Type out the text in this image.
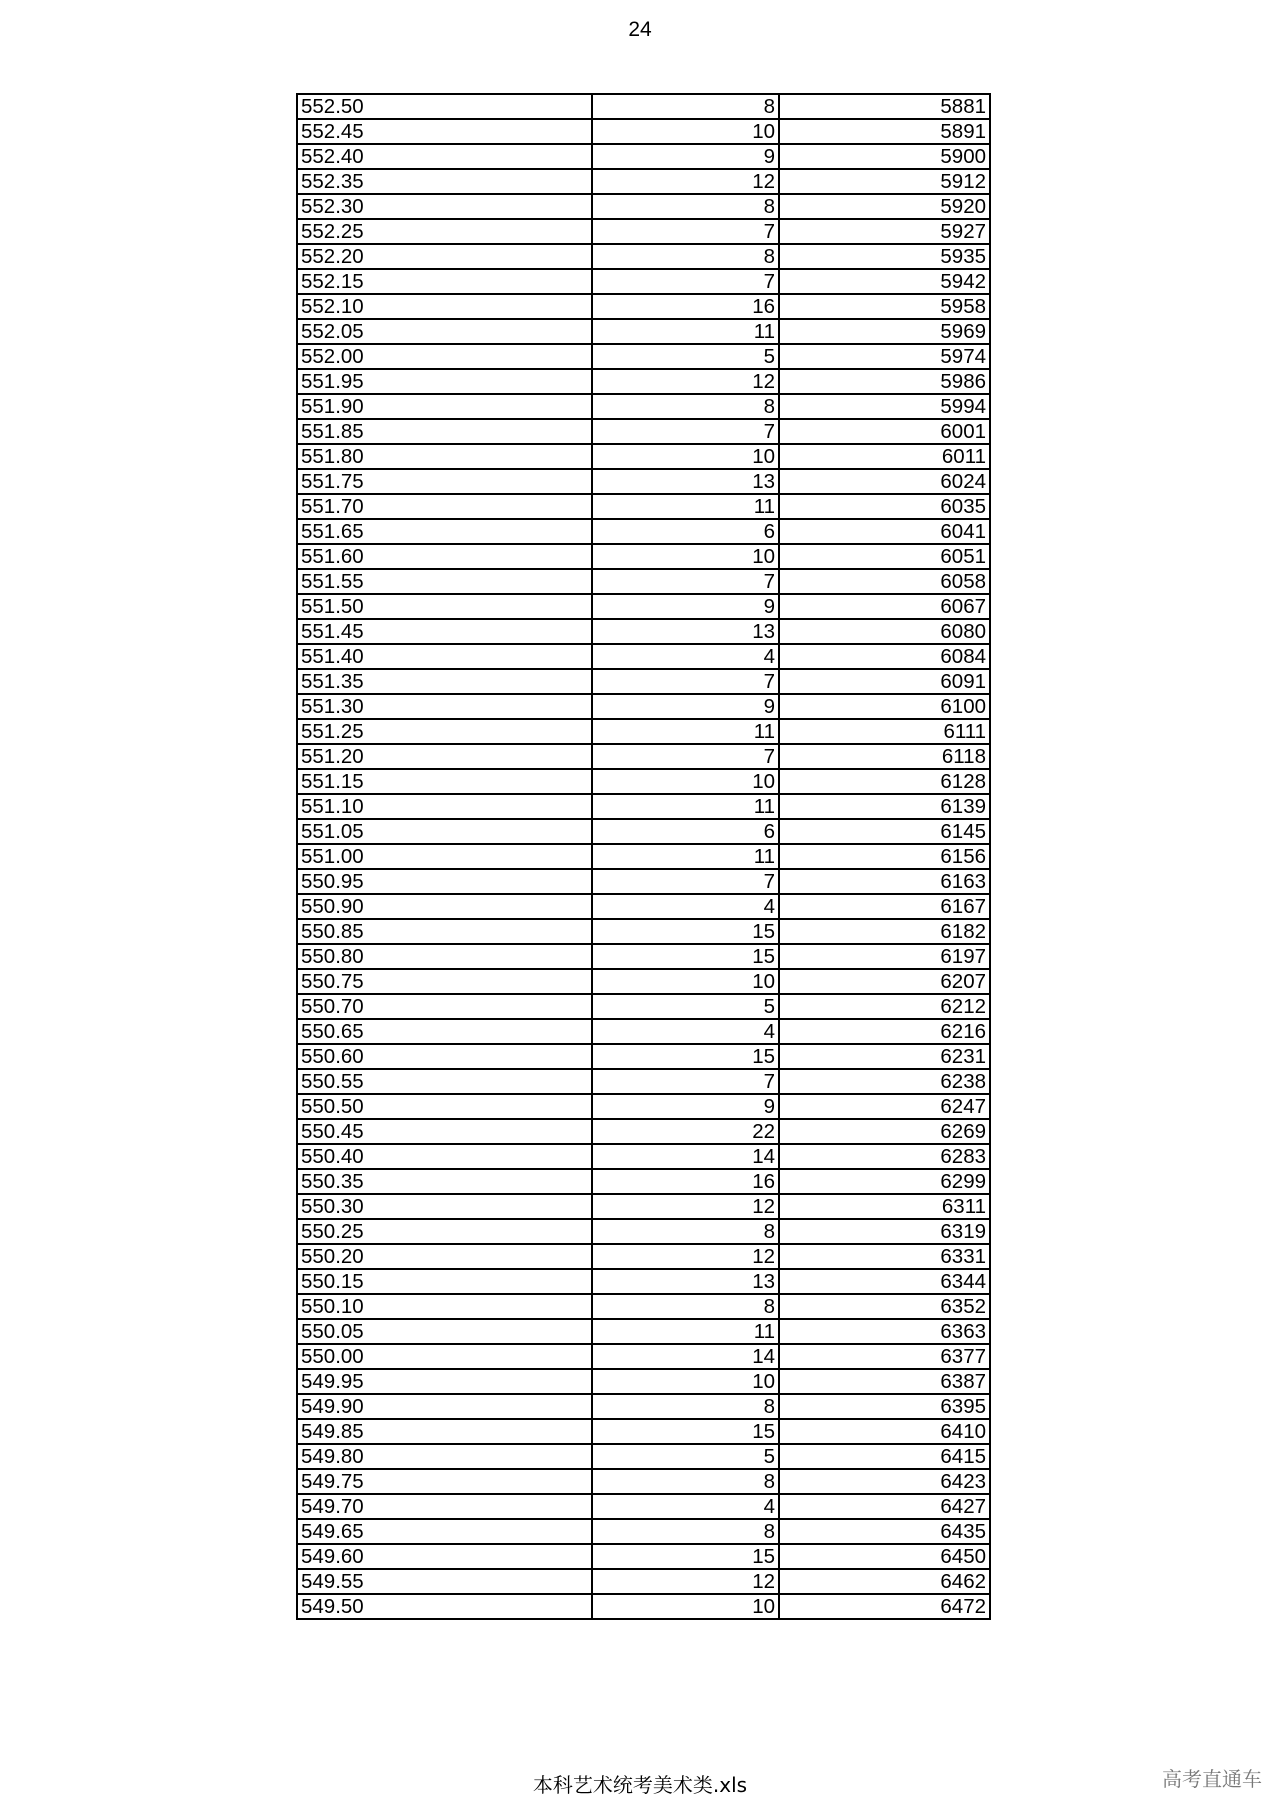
24
552.50	8	5881
552.45	10	5891
552.40	9	5900
552.35	12	5912
552.30	8	5920
552.25	7	5927
552.20	8	5935
552.15	7	5942
552.10	16	5958
552.05	11	5969
552.00	5	5974
551.95	12	5986
551.90	8	5994
551.85	7	6001
551.80	10	6011
551.75	13	6024
551.70	11	6035
551.65	6	6041
551.60	10	6051
551.55	7	6058
551.50	9	6067
551.45	13	6080
551.40	4	6084
551.35	7	6091
551.30	9	6100
551.25	11	6111
551.20	7	6118
551.15	10	6128
551.10	11	6139
551.05	6	6145
551.00	11	6156
550.95	7	6163
550.90	4	6167
550.85	15	6182
550.80	15	6197
550.75	10	6207
550.70	5	6212
550.65	4	6216
550.60	15	6231
550.55	7	6238
550.50	9	6247
550.45	22	6269
550.40	14	6283
550.35	16	6299
550.30	12	6311
550.25	8	6319
550.20	12	6331
550.15	13	6344
550.10	8	6352
550.05	11	6363
550.00	14	6377
549.95	10	6387
549.90	8	6395
549.85	15	6410
549.80	5	6415
549.75	8	6423
549.70	4	6427
549.65	8	6435
549.60	15	6450
549.55	12	6462
549.50	10	6472
本科艺术统考美术类.xls	高考直通车
